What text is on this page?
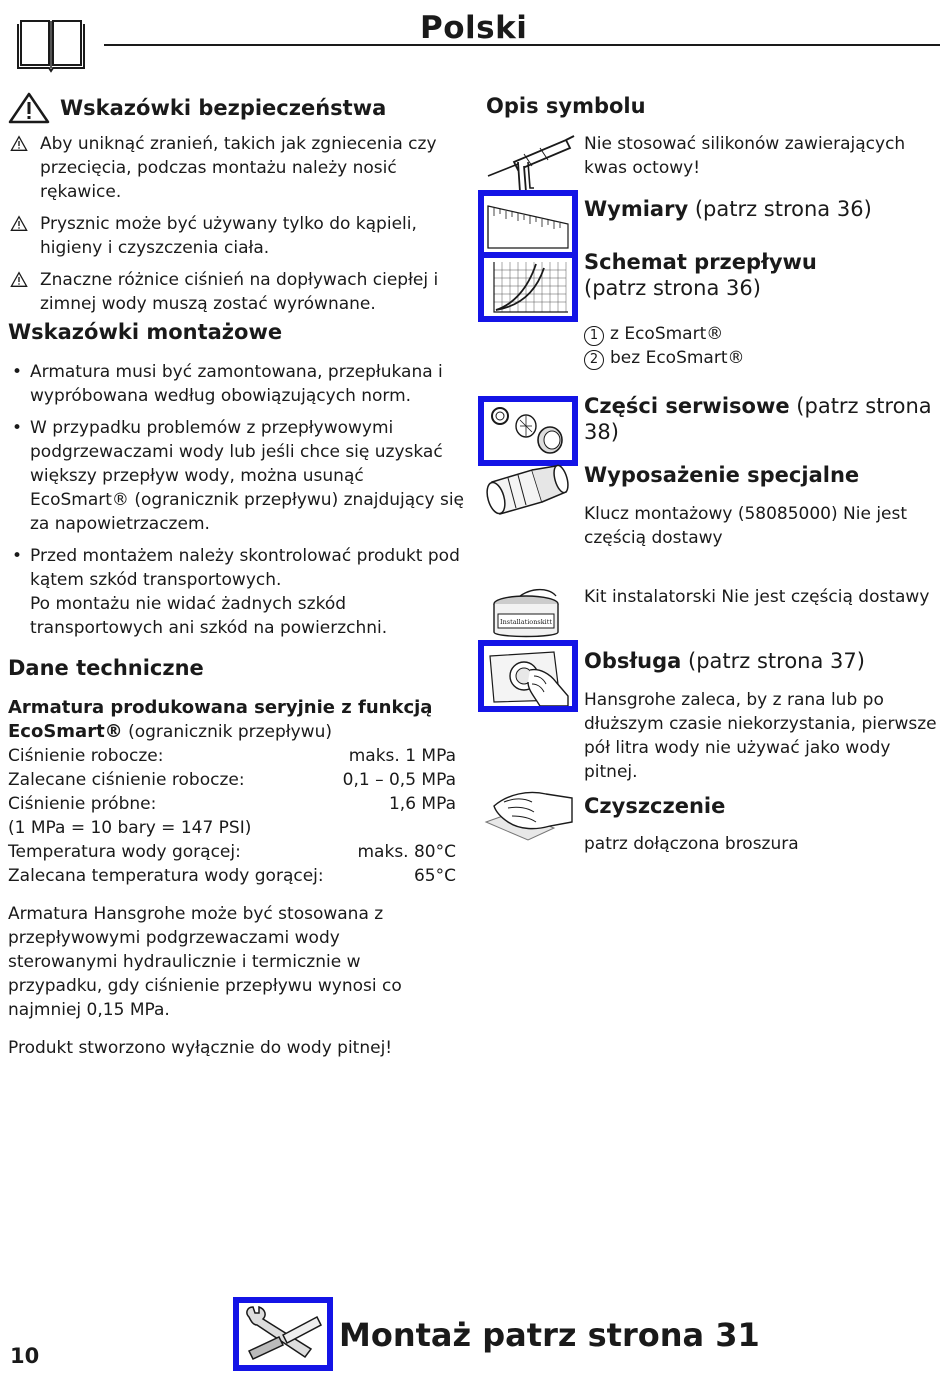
Polski
Wskazówki bezpieczeństwa
Aby uniknąć zranień, takich jak zgniecenia czy przecięcia, podczas montażu należy nosić rękawice.
Prysznic może być używany tylko do kąpieli, higieny i czyszczenia ciała.
Znaczne różnice ciśnień na dopływach ciepłej i zimnej wody muszą zostać wyrównane.
Wskazówki montażowe
• Armatura musi być zamontowana, przepłukana i wypróbowana według obowiązujących norm.
• W przypadku problemów z przepływowymi podgrzewaczami wody lub jeśli chce się uzyskać większy przepływ wody, można usunąć EcoSmart® (ogranicznik przepływu) znajdujący się za napowietrzaczem.
• Przed montażem należy skontrolować produkt pod kątem szkód transportowych.
Po montażu nie widać żadnych szkód transportowych ani szkód na powierzchni.
Dane techniczne
Armatura produkowana seryjnie z funkcją EcoSmart® (ogranicznik przepływu)
Ciśnienie robocze:	maks. 1 MPa
Zalecane ciśnienie robocze:	0,1 – 0,5 MPa
Ciśnienie próbne:	1,6 MPa
(1 MPa = 10 bary = 147 PSI)
Temperatura wody gorącej:	maks. 80°C
Zalecana temperatura wody gorącej:	65°C
Armatura Hansgrohe może być stosowana z przepływowymi podgrzewaczami wody sterowanymi hydraulicznie i termicznie w przypadku, gdy ciśnienie przepływu wynosi co najmniej 0,15 MPa.
Produkt stworzono wyłącznie do wody pitnej!
Opis symbolu
Nie stosować silikonów zawierających kwas octowy!
Wymiary (patrz strona 36)
Schemat przepływu
(patrz strona 36)
1 z EcoSmart®
2 bez EcoSmart®
Części serwisowe (patrz strona 38)
Wyposażenie specjalne
Klucz montażowy (58085000) Nie jest częścią dostawy
Installationskitt
Kit instalatorski Nie jest częścią dostawy
Obsługa (patrz strona 37)
Hansgrohe zaleca, by z rana lub po dłuższym czasie niekorzystania, pierwsze pół litra wody nie używać jako wody pitnej.
Czyszczenie
patrz dołączona broszura
10
Montaż patrz strona 31
